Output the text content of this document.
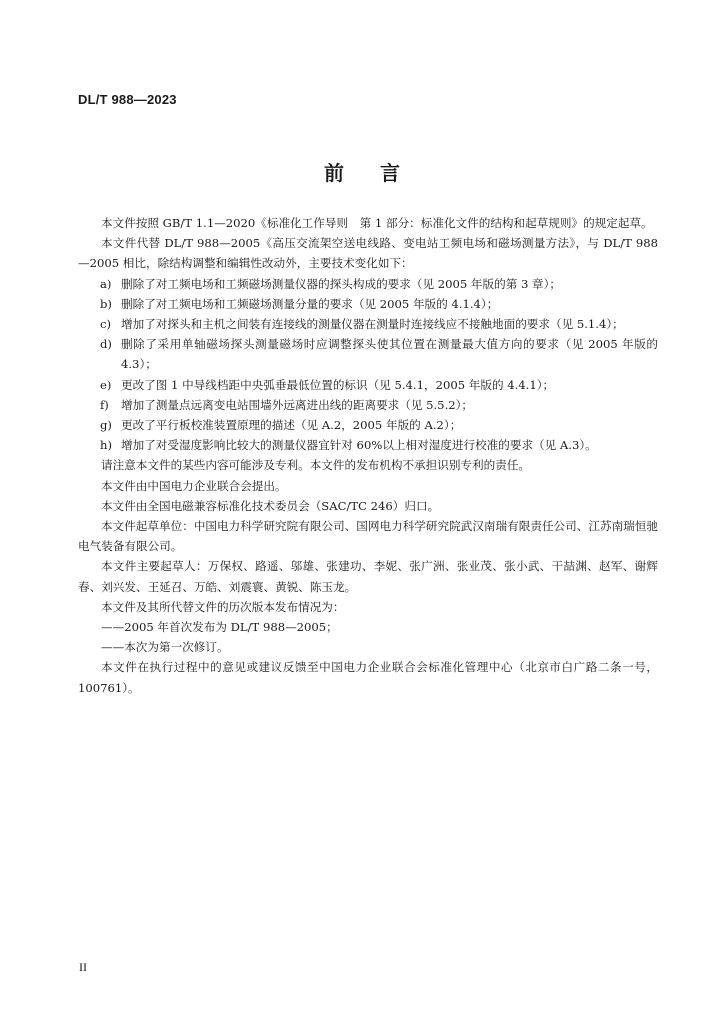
DL/T 988—2023
前言

本文件按照 GB/T 1.1—2020《标准化工作导则　第 1 部分：标准化文件的结构和起草规则》的规定起草。

本文件代替 DL/T 988—2005《高压交流架空送电线路、变电站工频电场和磁场测量方法》，与 DL/T 988—2005 相比，除结构调整和编辑性改动外，主要技术变化如下：

a) 删除了对工频电场和工频磁场测量仪器的探头构成的要求（见 2005 年版的第 3 章）；
b) 删除了对工频电场和工频磁场测量分量的要求（见 2005 年版的 4.1.4）；
c) 增加了对探头和主机之间装有连接线的测量仪器在测量时连接线应不接触地面的要求（见 5.1.4）；
d) 删除了采用单轴磁场探头测量磁场时应调整探头使其位置在测量最大值方向的要求（见 2005 年版的 4.3）；
e) 更改了图 1 中导线档距中央弧垂最低位置的标识（见 5.4.1，2005 年版的 4.4.1）；
f)	增加了测量点远离变电站围墙外远离进出线的距离要求（见 5.5.2）；
g) 更改了平行板校准装置原理的描述（见 A.2，2005 年版的 A.2）；
h) 增加了对受湿度影响比较大的测量仪器宜针对 60%以上相对湿度进行校准的要求（见 A.3）。

请注意本文件的某些内容可能涉及专利。本文件的发布机构不承担识别专利的责任。

本文件由中国电力企业联合会提出。

本文件由全国电磁兼容标准化技术委员会（SAC/TC 246）归口。

本文件起草单位：中国电力科学研究院有限公司、国网电力科学研究院武汉南瑞有限责任公司、江苏南瑞恒驰电气装备有限公司。

本文件主要起草人：万保权、路遥、邬雄、张建功、李妮、张广洲、张业茂、张小武、干喆渊、赵军、谢辉春、刘兴发、王延召、万皓、刘震寰、黄锐、陈玉龙。

本文件及其所代替文件的历次版本发布情况为：

——2005 年首次发布为 DL/T 988—2005；

——本次为第一次修订。

本文件在执行过程中的意见或建议反馈至中国电力企业联合会标准化管理中心（北京市白广路二条一号，100761）。

II
